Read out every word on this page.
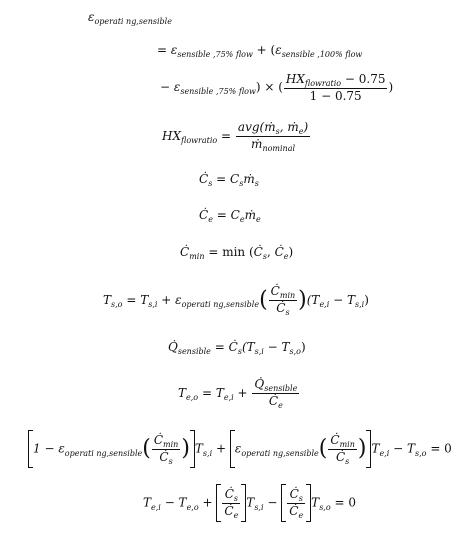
$\varepsilon_{operati ng,sensible}$
= $\varepsilon_{sensible ,75\% flow} + (\varepsilon_{sensible ,100\% flow}$
− $\varepsilon_{sensible ,75\% flow}$) × ( $\frac{HX_{flowratio} - 0.75}{1 - 0.75}$ )
$HX_{flowratio} = \frac{avg(ṁ_s, ṁ_e)}{ṁ_{nominal}}$
$Ċ_s$ = $C_sṁ_s$
$Ċ_e$ = $C_eṁ_e$
$Ċ_{min} = \min$ ($Ċ_s$, $Ċ_e$)
$T_{s,o} = T_{s,i} + \varepsilon_{operati ng,sensible}( \frac{Ċ_{min}}{Ċ_s} )(T_{e,i} - T_{s,i})$
$Q̇_{sensible}$ = $Ċ_s(T_{s,i} - T_{s,o})$
$T_{e,o} = T_{e,i} + \frac{Q̇_{sensible}}{Ċ_e}$
$1 - \varepsilon_{operati ng,sensible}( \frac{Ċ_{min}}{Ċ_s}$ ) $T_{s,i} + \varepsilon_{operati ng,sensible}( \frac{Ċ_{min}}{Ċ_s}$ ) $T_{e,i} - T_{s,o} = 0$
$T_{e,i} - T_{e,o} + \frac{Ċ_s}{Ċ_e} T_{s,i} - \frac{Ċ_s}{Ċ_e} T_{s,o} = 0$
